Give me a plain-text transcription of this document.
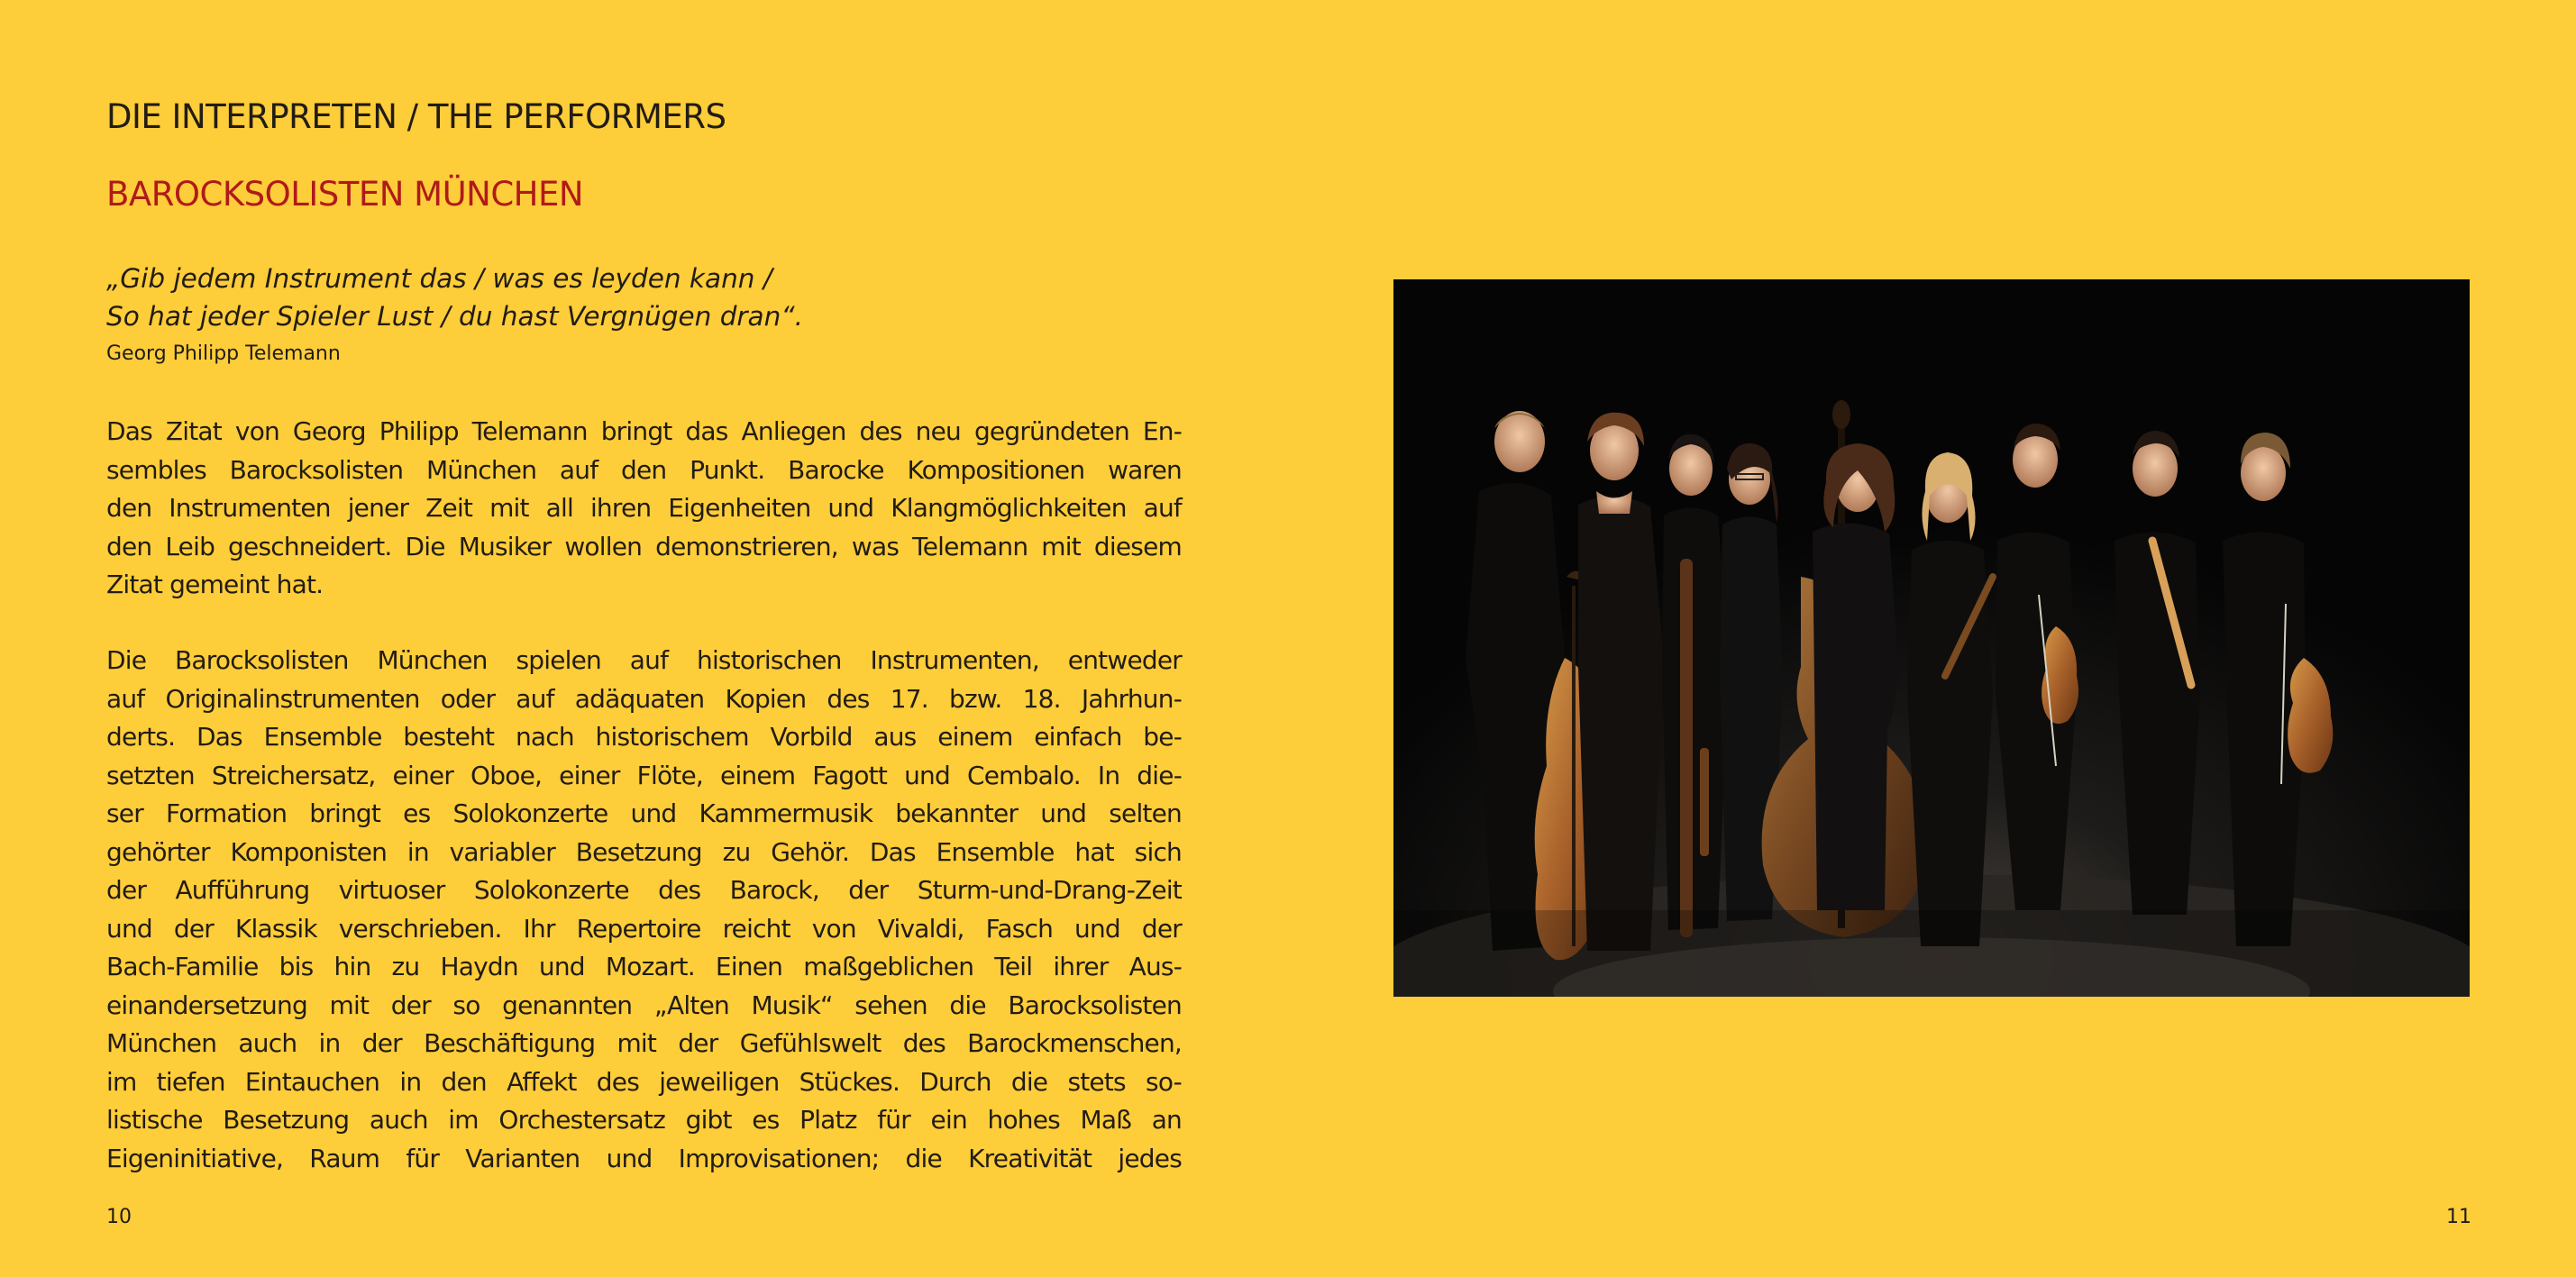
DIE INTERPRETEN / THE PERFORMERS
BAROCKSOLISTEN MÜNCHEN

„Gib jedem Instrument das / was es leyden kann /
So hat jeder Spieler Lust / du hast Vergnügen dran“.

Georg Philipp Telemann

Das Zitat von Georg Philipp Telemann bringt das Anliegen des neu gegründeten En-
sembles Barocksolisten München auf den Punkt. Barocke Kompositionen waren
den Instrumenten jener Zeit mit all ihren Eigenheiten und Klangmöglichkeiten auf
den Leib geschneidert. Die Musiker wollen demonstrieren, was Telemann mit diesem
Zitat gemeint hat.

Die Barocksolisten München spielen auf historischen Instrumenten, entweder
auf Originalinstrumenten oder auf adäquaten Kopien des 17. bzw. 18. Jahrhun-
derts. Das Ensemble besteht nach historischem Vorbild aus einem einfach be-
setzten Streichersatz, einer Oboe, einer Flöte, einem Fagott und Cembalo. In die-
ser Formation bringt es Solokonzerte und Kammermusik bekannter und selten
gehörter Komponisten in variabler Besetzung zu Gehör. Das Ensemble hat sich
der Aufführung virtuoser Solokonzerte des Barock, der Sturm-und-Drang-Zeit
und der Klassik verschrieben. Ihr Repertoire reicht von Vivaldi, Fasch und der
Bach-Familie bis hin zu Haydn und Mozart. Einen maßgeblichen Teil ihrer Aus-
einandersetzung mit der so genannten „Alten Musik“ sehen die Barocksolisten
München auch in der Beschäftigung mit der Gefühlswelt des Barockmenschen,
im tiefen Eintauchen in den Affekt des jeweiligen Stückes. Durch die stets so-
listische Besetzung auch im Orchestersatz gibt es Platz für ein hohes Maß an
Eigeninitiative, Raum für Varianten und Improvisationen; die Kreativität jedes

10	11
